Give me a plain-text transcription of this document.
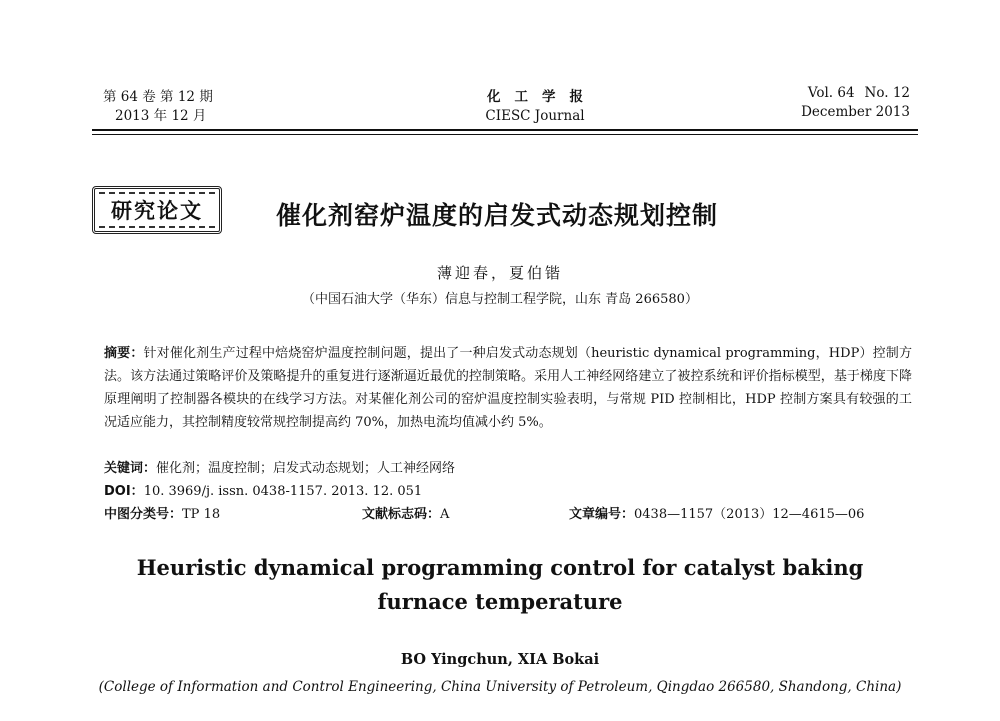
第 64 卷 第 12 期
2013 年 12 月
化工学报
CIESC Journal
Vol. 64 No. 12
December 2013
研究论文	催化剂窑炉温度的启发式动态规划控制
薄迎春，夏伯锴
（中国石油大学（华东）信息与控制工程学院，山东 青岛 266580）
摘要：针对催化剂生产过程中焙烧窑炉温度控制问题，提出了一种启发式动态规划（heuristic dynamical programming，HDP）控制方法。该方法通过策略评价及策略提升的重复进行逐渐逼近最优的控制策略。采用人工神经网络建立了被控系统和评价指标模型，基于梯度下降原理阐明了控制器各模块的在线学习方法。对某催化剂公司的窑炉温度控制实验表明，与常规 PID 控制相比，HDP 控制方案具有较强的工况适应能力，其控制精度较常规控制提高约 70%，加热电流均值减小约 5%。
关键词：催化剂；温度控制；启发式动态规划；人工神经网络
DOI：10. 3969/j. issn. 0438-1157. 2013. 12. 051
中图分类号：TP 18	文献标志码：A	文章编号：0438—1157（2013）12—4615—06
Heuristic dynamical programming control for catalyst baking
furnace temperature
BO Yingchun, XIA Bokai
(College of Information and Control Engineering, China University of Petroleum, Qingdao 266580, Shandong, China)
